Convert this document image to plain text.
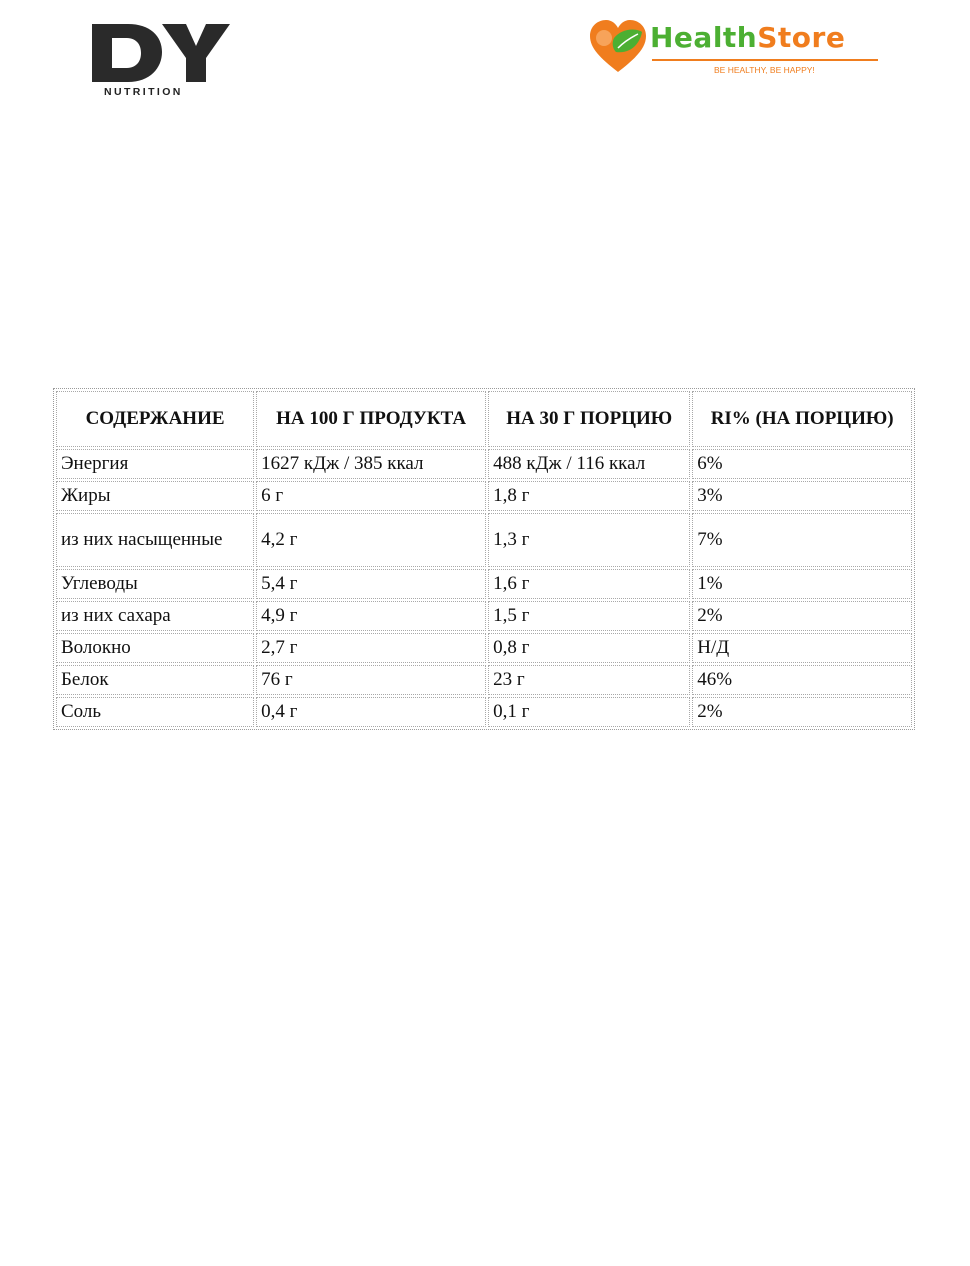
NUTRITION
HealthStore
BE HEALTHY, BE HAPPY!
СОДЕРЖАНИЕ	НА 100 Г ПРОДУКТА	НА 30 Г ПОРЦИЮ	RI% (НА ПОРЦИЮ)
Энергия	1627 кДж / 385 ккал	488 кДж / 116 ккал	6%
Жиры	6 г	1,8 г	3%
из них насыщенные	4,2 г	1,3 г	7%
Углеводы	5,4 г	1,6 г	1%
из них сахара	4,9 г	1,5 г	2%
Волокно	2,7 г	0,8 г	Н/Д
Белок	76 г	23 г	46%
Соль	0,4 г	0,1 г	2%
